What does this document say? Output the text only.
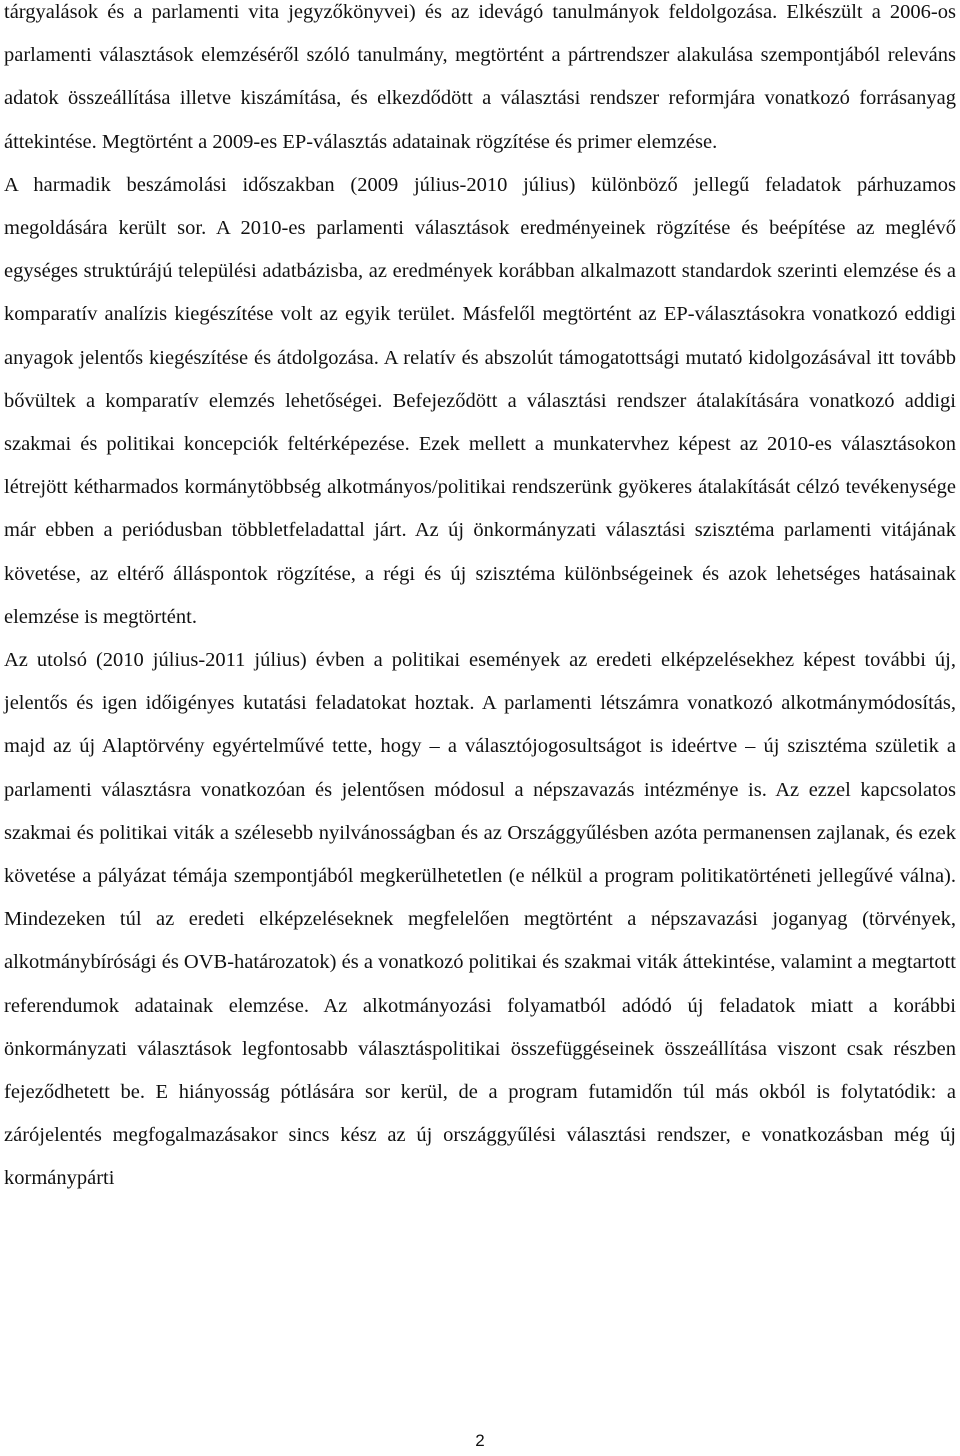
tárgyalások és a parlamenti vita jegyzőkönyvei) és az idevágó tanulmányok feldolgozása. Elkészült a 2006-os parlamenti választások elemzéséről szóló tanulmány, megtörtént a pártrendszer alakulása szempontjából releváns adatok összeállítása illetve kiszámítása, és elkezdődött a választási rendszer reformjára vonatkozó forrásanyag áttekintése. Megtörtént a 2009-es EP-választás adatainak rögzítése és primer elemzése.

A harmadik beszámolási időszakban (2009 július-2010 július) különböző jellegű feladatok párhuzamos megoldására került sor. A 2010-es parlamenti választások eredményeinek rögzítése és beépítése az meglévő egységes struktúrájú települési adatbázisba, az eredmények korábban alkalmazott standardok szerinti elemzése és a komparatív analízis kiegészítése volt az egyik terület. Másfelől megtörtént az EP-választásokra vonatkozó eddigi anyagok jelentős kiegészítése és átdolgozása. A relatív és abszolút támogatottsági mutató kidolgozásával itt tovább bővültek a komparatív elemzés lehetőségei. Befejeződött a választási rendszer átalakítására vonatkozó addigi szakmai és politikai koncepciók feltérképezése. Ezek mellett a munkatervhez képest az 2010-es választásokon létrejött kétharmados kormánytöbbség alkotmányos/politikai rendszerünk gyökeres átalakítását célzó tevékenysége már ebben a periódusban többletfeladattal járt. Az új önkormányzati választási szisztéma parlamenti vitájának követése, az eltérő álláspontok rögzítése, a régi és új szisztéma különbségeinek és azok lehetséges hatásainak elemzése is megtörtént.

Az utolsó (2010 július-2011 július) évben a politikai események az eredeti elképzelésekhez képest további új, jelentős és igen időigényes kutatási feladatokat hoztak. A parlamenti létszámra vonatkozó alkotmánymódosítás, majd az új Alaptörvény egyértelművé tette, hogy – a választójogosultságot is ideértve – új szisztéma születik a parlamenti választásra vonatkozóan és jelentősen módosul a népszavazás intézménye is. Az ezzel kapcsolatos szakmai és politikai viták a szélesebb nyilvánosságban és az Országgyűlésben azóta permanensen zajlanak, és ezek követése a pályázat témája szempontjából megkerülhetetlen (e nélkül a program politikatörténeti jellegűvé válna). Mindezeken túl az eredeti elképzeléseknek megfelelően megtörtént a népszavazási joganyag (törvények, alkotmánybírósági és OVB-határozatok) és a vonatkozó politikai és szakmai viták áttekintése, valamint a megtartott referendumok adatainak elemzése. Az alkotmányozási folyamatból adódó új feladatok miatt a korábbi önkormányzati választások legfontosabb választáspolitikai összefüggéseinek összeállítása viszont csak részben fejeződhetett be. E hiányosság pótlására sor kerül, de a program futamidőn túl más okból is folytatódik: a zárójelentés megfogalmazásakor sincs kész az új országgyűlési választási rendszer, e vonatkozásban még új kormánypárti

2
